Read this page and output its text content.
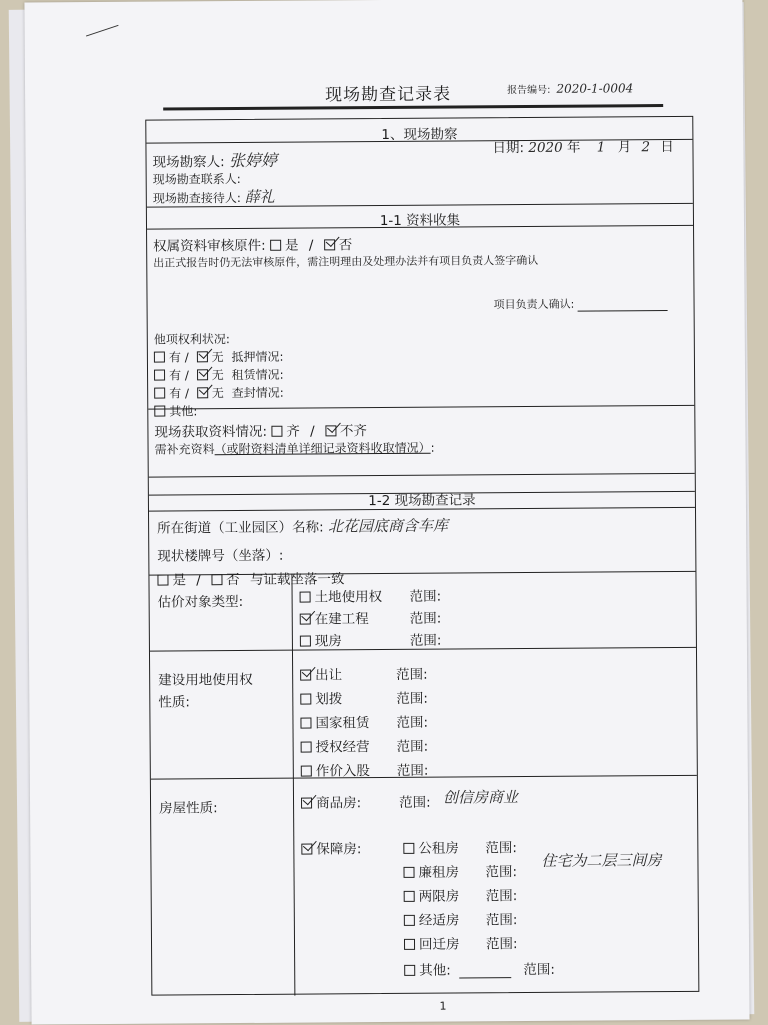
现场勘查记录表	报告编号: 2020-1-0004
1、现场勘察
现场勘察人: 张婷婷
日期: 2020 年 1 月 2 日
现场勘查联系人:
现场勘查接待人: 薛礼
1-1 资料收集
权属资料审核原件: 是 / 否
出正式报告时仍无法审核原件，需注明理由及处理办法并有项目负责人签字确认
项目负责人确认:
他项权利状况:
有 / 无 抵押情况:
有 / 无 租赁情况:
有 / 无 查封情况:
其他:
现场获取资料情况: 齐 / 不齐
需补充资料（或附资料清单详细记录资料收取情况）:
1-2 现场勘查记录
所在街道（工业园区）名称: 北花园底商含车库
现状楼牌号（坐落）:
是 / 否 与证载坐落一致
估价对象类型:	土地使用权 范围:
在建工程	范围:
现房	范围:
建设用地使用权
性质:
出让	范围:
划拨	范围:
国家租赁 范围:
授权经营 范围:
作价入股 范围:
房屋性质:	商品房:	范围: 创信房商业
保障房:	公租房 范围:
廉租房 范围:
住宅为二层三间房
两限房 范围:
经适房 范围:
回迁房 范围:
其他:	范围:
1
